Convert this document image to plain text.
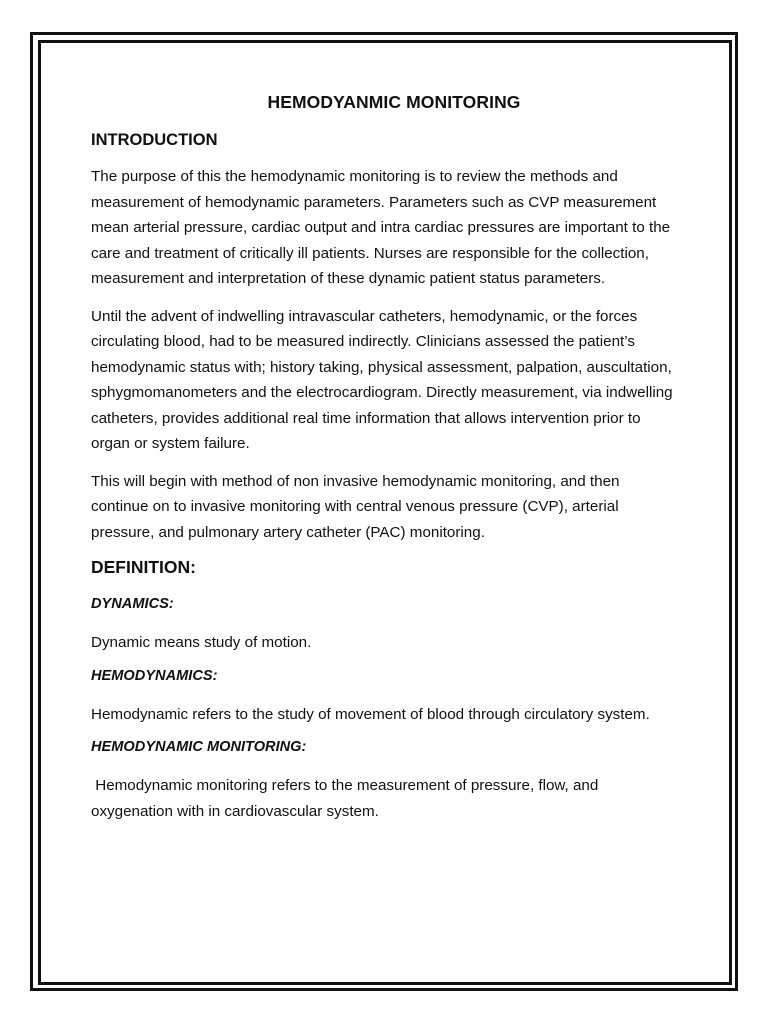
HEMODYANMIC MONITORING
INTRODUCTION

The purpose of this the hemodynamic monitoring is to review the methods and measurement of hemodynamic parameters. Parameters such as CVP measurement mean arterial pressure, cardiac output and intra cardiac pressures are important to the care and treatment of critically ill patients. Nurses are responsible for the collection, measurement and interpretation of these dynamic patient status parameters.

Until the advent of indwelling intravascular catheters, hemodynamic, or the forces circulating blood, had to be measured indirectly. Clinicians assessed the patient’s hemodynamic status with; history taking, physical assessment, palpation, auscultation, sphygmomanometers and the electrocardiogram. Directly measurement, via indwelling catheters, provides additional real time information that allows intervention prior to organ or system failure.

This will begin with method of non invasive hemodynamic monitoring, and then continue on to invasive monitoring with central venous pressure (CVP), arterial pressure, and pulmonary artery catheter (PAC) monitoring.

DEFINITION:
DYNAMICS:

Dynamic means study of motion.

HEMODYNAMICS:

Hemodynamic refers to the study of movement of blood through circulatory system.

HEMODYNAMIC MONITORING:

Hemodynamic monitoring refers to the measurement of pressure, flow, and oxygenation with in cardiovascular system.
